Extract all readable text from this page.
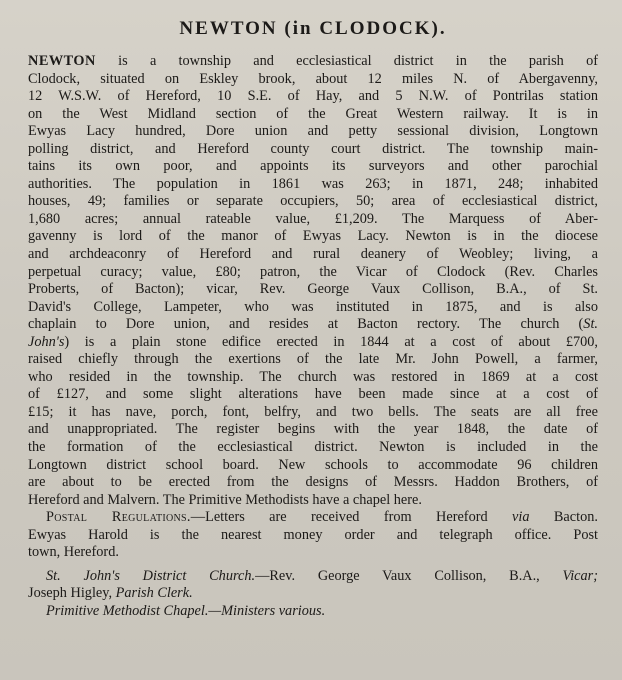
NEWTON (in CLODOCK).
NEWTON is a township and ecclesiastical district in the parish of
Clodock, situated on Eskley brook, about 12 miles N. of Abergavenny,
12 W.S.W. of Hereford, 10 S.E. of Hay, and 5 N.W. of Pontrilas station
on the West Midland section of the Great Western railway. It is in
Ewyas Lacy hundred, Dore union and petty sessional division, Longtown
polling district, and Hereford county court district. The township main-
tains its own poor, and appoints its surveyors and other parochial
authorities. The population in 1861 was 263; in 1871, 248; inhabited
houses, 49; families or separate occupiers, 50; area of ecclesiastical district,
1,680 acres; annual rateable value, £1,209. The Marquess of Aber-
gavenny is lord of the manor of Ewyas Lacy. Newton is in the diocese
and archdeaconry of Hereford and rural deanery of Weobley; living, a
perpetual curacy; value, £80; patron, the Vicar of Clodock (Rev. Charles
Proberts, of Bacton); vicar, Rev. George Vaux Collison, B.A., of St.
David's College, Lampeter, who was instituted in 1875, and is also
chaplain to Dore union, and resides at Bacton rectory. The church (St.
John's) is a plain stone edifice erected in 1844 at a cost of about £700,
raised chiefly through the exertions of the late Mr. John Powell, a farmer,
who resided in the township. The church was restored in 1869 at a cost
of £127, and some slight alterations have been made since at a cost of
£15; it has nave, porch, font, belfry, and two bells. The seats are all free
and unappropriated. The register begins with the year 1848, the date of
the formation of the ecclesiastical district. Newton is included in the
Longtown district school board. New schools to accommodate 96 children
are about to be erected from the designs of Messrs. Haddon Brothers, of
Hereford and Malvern. The Primitive Methodists have a chapel here.
Postal Regulations.—Letters are received from Hereford via Bacton.
Ewyas Harold is the nearest money order and telegraph office. Post
town, Hereford.
St. John's District Church.—Rev. George Vaux Collison, B.A., Vicar;
Joseph Higley, Parish Clerk.
Primitive Methodist Chapel.—Ministers various.
